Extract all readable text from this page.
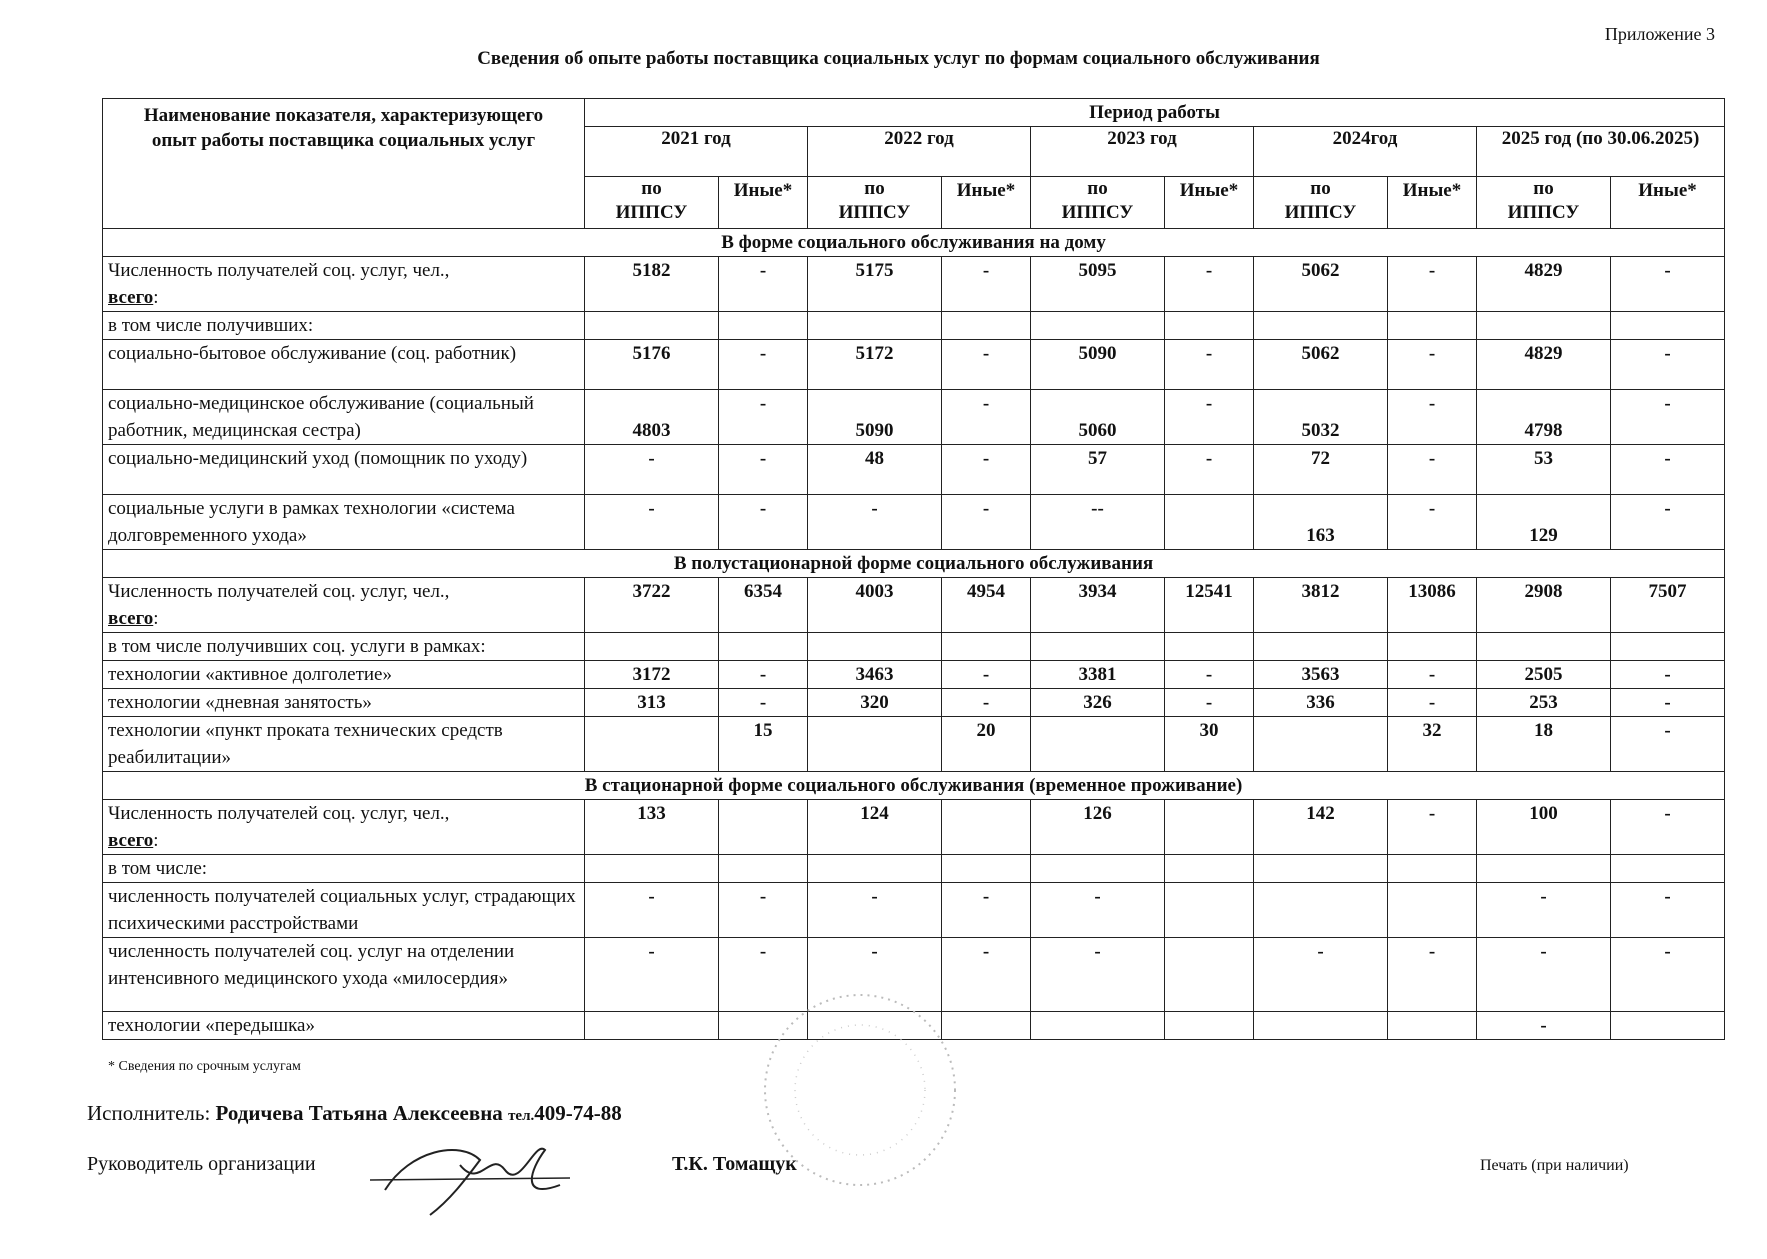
Приложение 3
Сведения об опыте работы поставщика социальных услуг по формам социального обслуживания
Наименование показателя, характеризующего опыт работы поставщика социальных услуг	Период работы									
	2021 год		2022 год		2023 год		2024год		2025 год (по 30.06.2025)	
	по ИППСУ	Иные*	по ИППСУ	Иные*	по ИППСУ	Иные*	по ИППСУ	Иные*	по ИППСУ	Иные*
В форме социального обслуживания на дому										
Численность получателей соц. услуг, чел.,
всего:	5182	-	5175	-	5095	-	5062	-	4829	-
в том числе получивших:										
социально-бытовое обслуживание (соц. работник)	5176	-	5172	-	5090	-	5062	-	4829	-
социально-медицинское обслуживание (социальный работник, медицинская сестра)	4803	-	5090	-	5060	-	5032	-	4798	-
социально-медицинский уход (помощник по уходу)	-	-	48	-	57	-	72	-	53	-
социальные услуги в рамках технологии «система долговременного ухода»	-	-	-	-	--		163	-	129	-
В полустационарной форме социального обслуживания										
Численность получателей соц. услуг, чел.,
всего:	3722	6354	4003	4954	3934	12541	3812	13086	2908	7507
в том числе получивших соц. услуги в рамках:										
технологии «активное долголетие»	3172	-	3463	-	3381	-	3563	-	2505	-
технологии «дневная занятость»	313	-	320	-	326	-	336	-	253	-
технологии «пункт проката технических средств реабилитации»		15		20		30		32	18	-
В стационарной форме социального обслуживания (временное проживание)										
Численность получателей соц. услуг, чел.,
всего:	133		124		126		142	-	100	-
в том числе:										
численность получателей социальных услуг, страдающих психическими расстройствами	-	-	-	-	-				-	-
численность получателей соц. услуг на отделении интенсивного медицинского ухода «милосердия»	-	-	-	-	-		-	-	-	-
технологии «передышка»									-	
* Сведения по срочным услугам
Исполнитель: Родичева Татьяна Алексеевна тел.409-74-88
Руководитель организации	Т.К. Томащук	Печать (при наличии)
